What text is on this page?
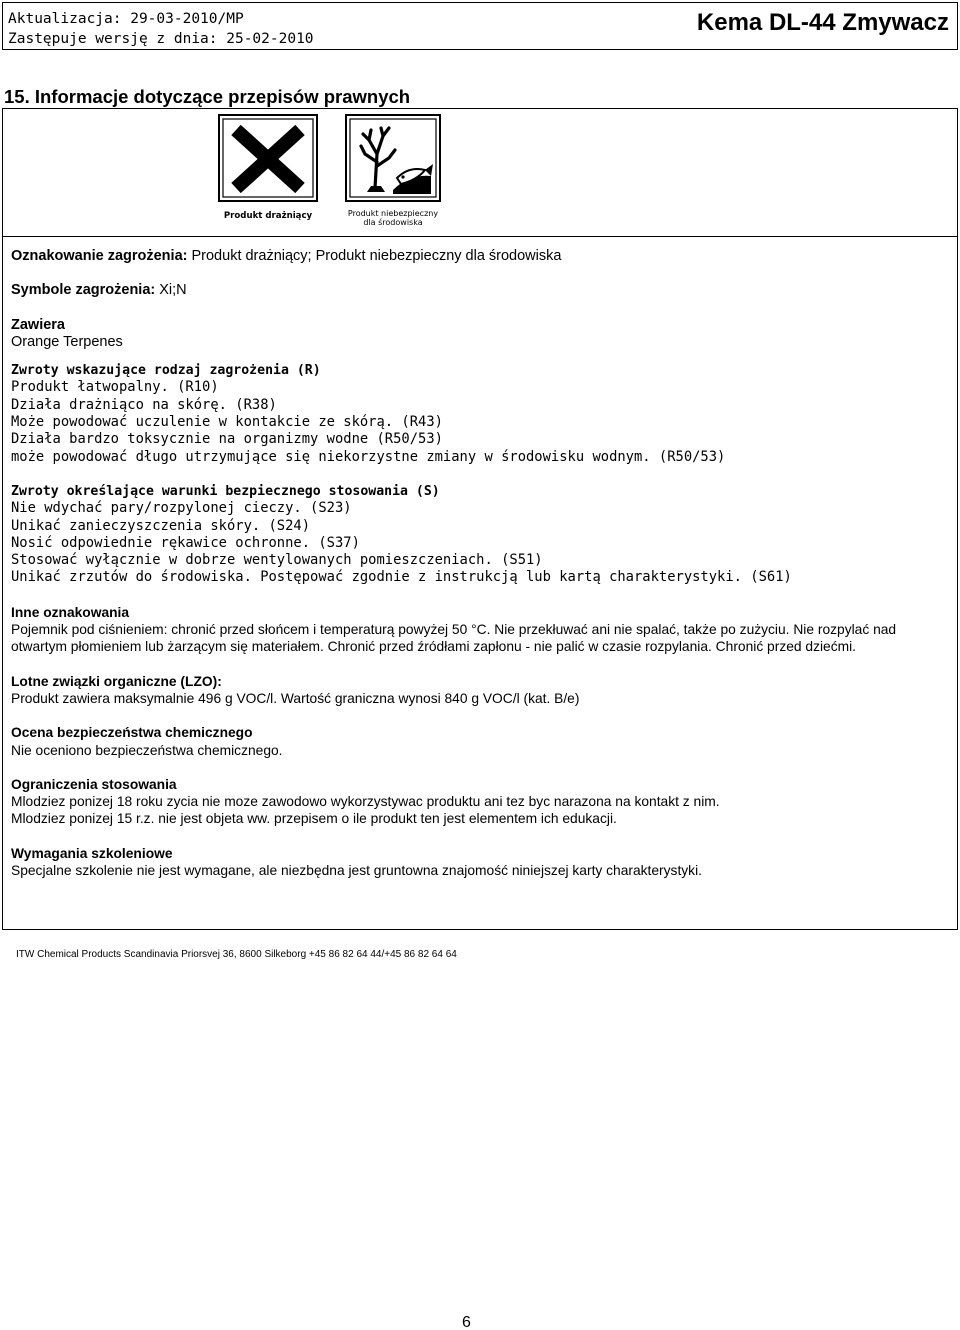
Aktualizacja: 29-03-2010/MP
Zastępuje wersję z dnia: 25-02-2010
Kema DL-44 Zmywacz
15. Informacje dotyczące przepisów prawnych
Produkt drażniący	Produkt niebezpieczny
dla środowiska
Oznakowanie zagrożenia: Produkt drażniący; Produkt niebezpieczny dla środowiska
Symbole zagrożenia: Xi;N
Zawiera
Orange Terpenes
Zwroty wskazujące rodzaj zagrożenia (R)
Produkt łatwopalny. (R10)
Działa drażniąco na skórę. (R38)
Może powodować uczulenie w kontakcie ze skórą. (R43)
Działa bardzo toksycznie na organizmy wodne (R50/53)
może powodować długo utrzymujące się niekorzystne zmiany w środowisku wodnym. (R50/53)
Zwroty określające warunki bezpiecznego stosowania (S)
Nie wdychać pary/rozpylonej cieczy. (S23)
Unikać zanieczyszczenia skóry. (S24)
Nosić odpowiednie rękawice ochronne. (S37)
Stosować wyłącznie w dobrze wentylowanych pomieszczeniach. (S51)
Unikać zrzutów do środowiska. Postępować zgodnie z instrukcją lub kartą charakterystyki. (S61)
Inne oznakowania
Pojemnik pod ciśnieniem: chronić przed słońcem i temperaturą powyżej 50 °C. Nie przekłuwać ani nie spalać, także po zużyciu. Nie rozpylać nad otwartym płomieniem lub żarzącym się materiałem. Chronić przed źródłami zapłonu - nie palić w czasie rozpylania. Chronić przed dziećmi.
Lotne związki organiczne (LZO):
Produkt zawiera maksymalnie 496 g VOC/l. Wartość graniczna wynosi 840 g VOC/l (kat. B/e)
Ocena bezpieczeństwa chemicznego
Nie oceniono bezpieczeństwa chemicznego.
Ograniczenia stosowania
Mlodziez ponizej 18 roku zycia nie moze zawodowo wykorzystywac produktu ani tez byc narazona na kontakt z nim.
Mlodziez ponizej 15 r.z. nie jest objeta ww. przepisem o ile produkt ten jest elementem ich edukacji.
Wymagania szkoleniowe
Specjalne szkolenie nie jest wymagane, ale niezbędna jest gruntowna znajomość niniejszej karty charakterystyki.
ITW Chemical Products Scandinavia Priorsvej 36, 8600 Silkeborg +45 86 82 64 44/+45 86 82 64 64
6
